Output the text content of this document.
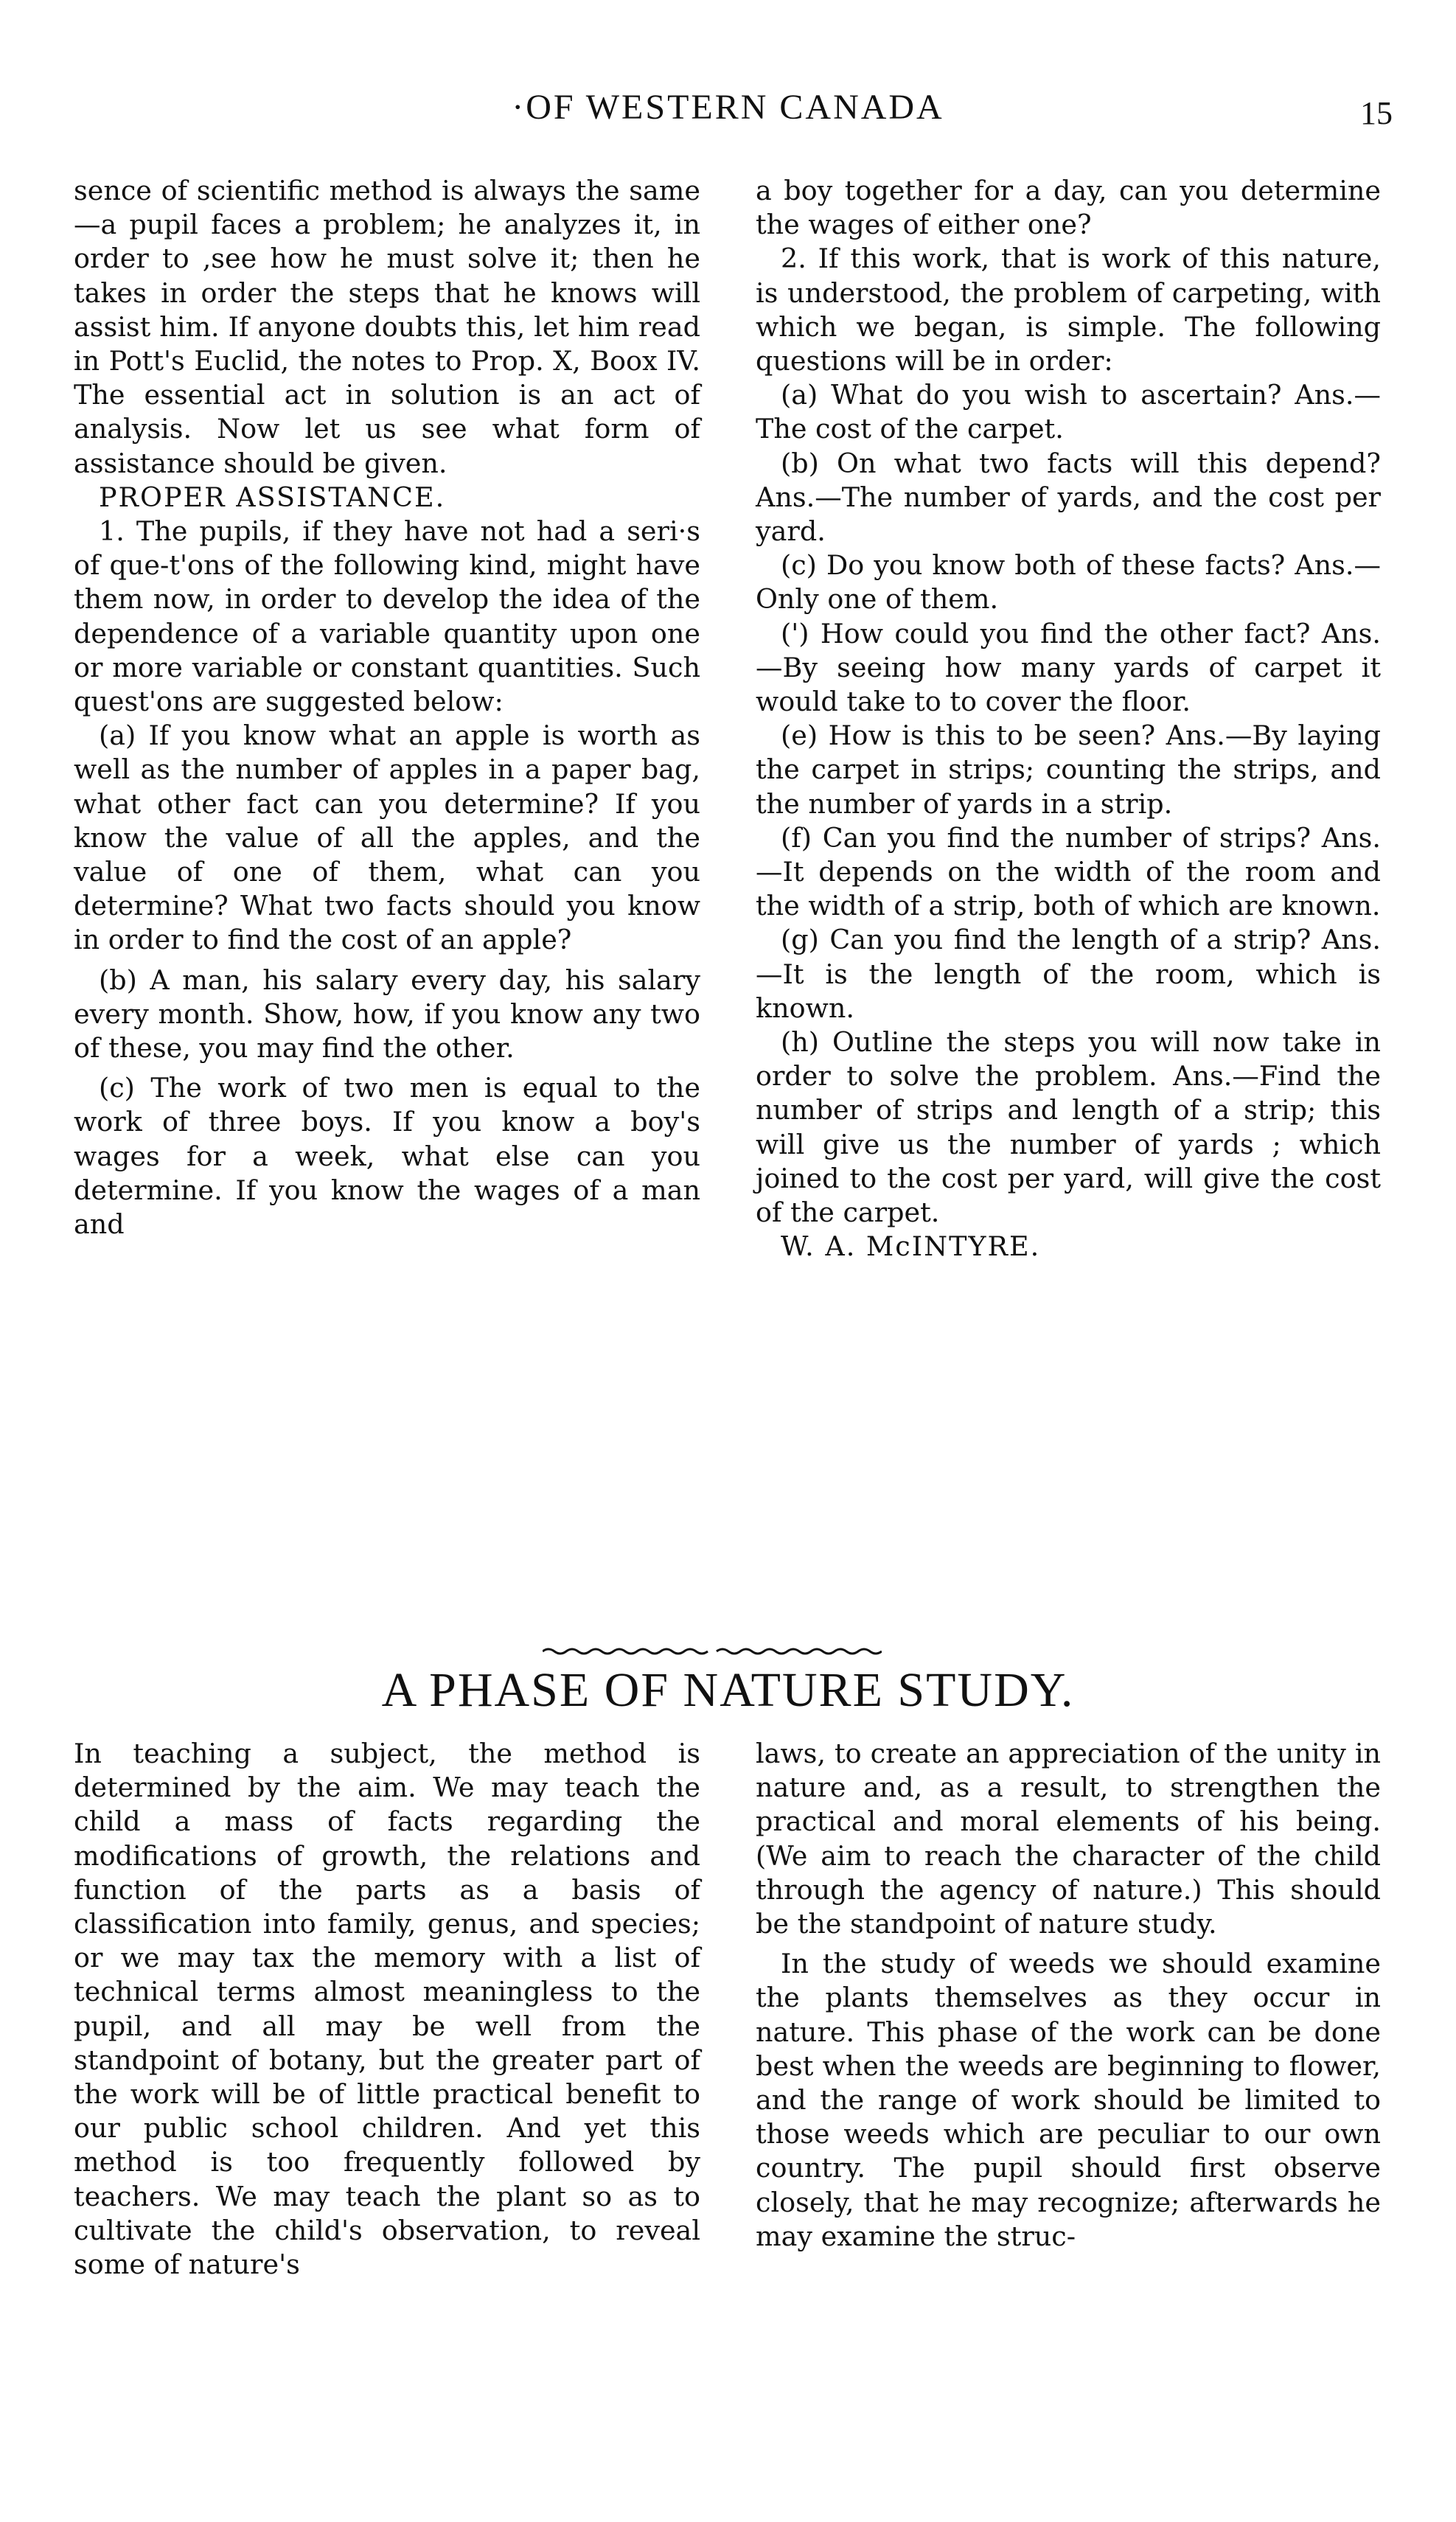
·OF WESTERN CANADA	15

sence of scientific method is always the same—a pupil faces a problem; he analyzes it, in order to ,see how he must solve it; then he takes in order the steps that he knows will assist him. If anyone doubts this, let him read in Pott's Euclid, the notes to Prop. X, Boox IV. The essential act in solution is an act of analysis. Now let us see what form of assistance should be given.

PROPER ASSISTANCE.

1. The pupils, if they have not had a seri·s of que-t'ons of the following kind, might have them now, in order to develop the idea of the dependence of a variable quantity upon one or more variable or constant quantities. Such quest'ons are suggested below:

(a) If you know what an apple is worth as well as the number of apples in a paper bag, what other fact can you determine? If you know the value of all the apples, and the value of one of them, what can you determine? What two facts should you know in order to find the cost of an apple?

(b) A man, his salary every day, his salary every month. Show, how, if you know any two of these, you may find the other.

(c) The work of two men is equal to the work of three boys. If you know a boy's wages for a week, what else can you determine. If you know the wages of a man and

a boy together for a day, can you determine the wages of either one?

2. If this work, that is work of this nature, is understood, the problem of carpeting, with which we began, is simple. The following questions will be in order:

(a) What do you wish to ascertain? Ans.—The cost of the carpet.

(b) On what two facts will this depend? Ans.—The number of yards, and the cost per yard.

(c) Do you know both of these facts? Ans.—Only one of them.

(') How could you find the other fact? Ans.—By seeing how many yards of carpet it would take to to cover the floor.

(e) How is this to be seen? Ans.—By laying the carpet in strips; counting the strips, and the number of yards in a strip.

(f) Can you find the number of strips? Ans.—It depends on the width of the room and the width of a strip, both of which are known.

(g) Can you find the length of a strip? Ans.—It is the length of the room, which is known.

(h) Outline the steps you will now take in order to solve the problem. Ans.—Find the number of strips and length of a strip; this will give us the number of yards ; which joined to the cost per yard, will give the cost of the carpet.

W. A. McINTYRE.

A PHASE OF NATURE STUDY.

In teaching a subject, the method is determined by the aim. We may teach the child a mass of facts regarding the modifications of growth, the relations and function of the parts as a basis of classification into family, genus, and species; or we may tax the memory with a list of technical terms almost meaningless to the pupil, and all may be well from the standpoint of botany, but the greater part of the work will be of little practical benefit to our public school children. And yet this method is too frequently followed by teachers. We may teach the plant so as to cultivate the child's observation, to reveal some of nature's

laws, to create an appreciation of the unity in nature and, as a result, to strengthen the practical and moral elements of his being. (We aim to reach the character of the child through the agency of nature.) This should be the standpoint of nature study.

In the study of weeds we should examine the plants themselves as they occur in nature. This phase of the work can be done best when the weeds are beginning to flower, and the range of work should be limited to those weeds which are peculiar to our own country. The pupil should first observe closely, that he may recognize; afterwards he may examine the struc-
